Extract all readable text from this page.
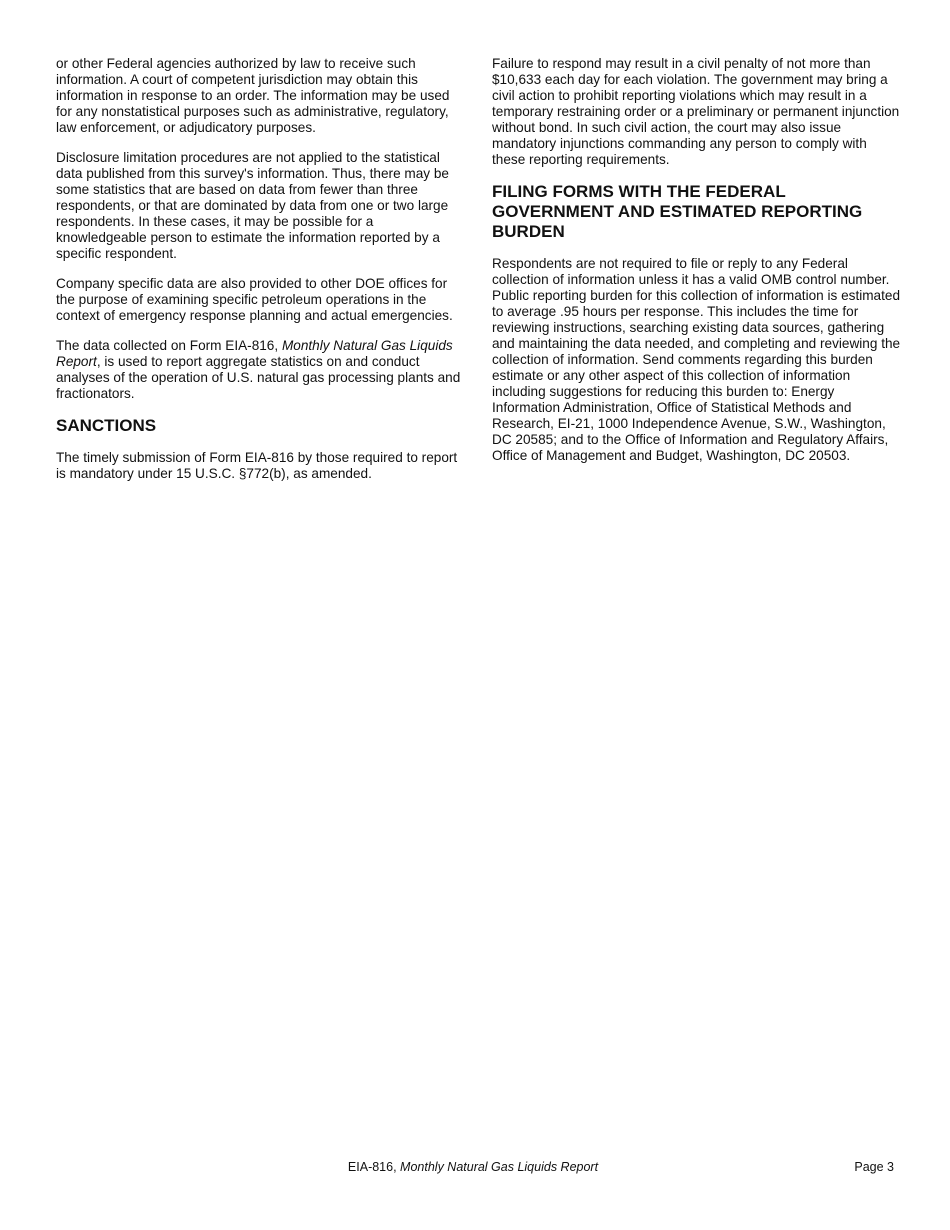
or other Federal agencies authorized by law to receive such information. A court of competent jurisdiction may obtain this information in response to an order. The information may be used for any nonstatistical purposes such as administrative, regulatory, law enforcement, or adjudicatory purposes.

Disclosure limitation procedures are not applied to the statistical data published from this survey's information. Thus, there may be some statistics that are based on data from fewer than three respondents, or that are dominated by data from one or two large respondents. In these cases, it may be possible for a knowledgeable person to estimate the information reported by a specific respondent.

Company specific data are also provided to other DOE offices for the purpose of examining specific petroleum operations in the context of emergency response planning and actual emergencies.

The data collected on Form EIA-816, Monthly Natural Gas Liquids Report, is used to report aggregate statistics on and conduct analyses of the operation of U.S. natural gas processing plants and fractionators.

SANCTIONS

The timely submission of Form EIA-816 by those required to report is mandatory under 15 U.S.C. §772(b), as amended.

Failure to respond may result in a civil penalty of not more than $10,633 each day for each violation. The government may bring a civil action to prohibit reporting violations which may result in a temporary restraining order or a preliminary or permanent injunction without bond. In such civil action, the court may also issue mandatory injunctions commanding any person to comply with these reporting requirements.

FILING FORMS WITH THE FEDERAL GOVERNMENT AND ESTIMATED REPORTING BURDEN

Respondents are not required to file or reply to any Federal collection of information unless it has a valid OMB control number. Public reporting burden for this collection of information is estimated to average .95 hours per response. This includes the time for reviewing instructions, searching existing data sources, gathering and maintaining the data needed, and completing and reviewing the collection of information. Send comments regarding this burden estimate or any other aspect of this collection of information including suggestions for reducing this burden to: Energy Information Administration, Office of Statistical Methods and Research, EI-21, 1000 Independence Avenue, S.W., Washington, DC 20585; and to the Office of Information and Regulatory Affairs, Office of Management and Budget, Washington, DC 20503.

EIA-816, Monthly Natural Gas Liquids Report	Page 3
